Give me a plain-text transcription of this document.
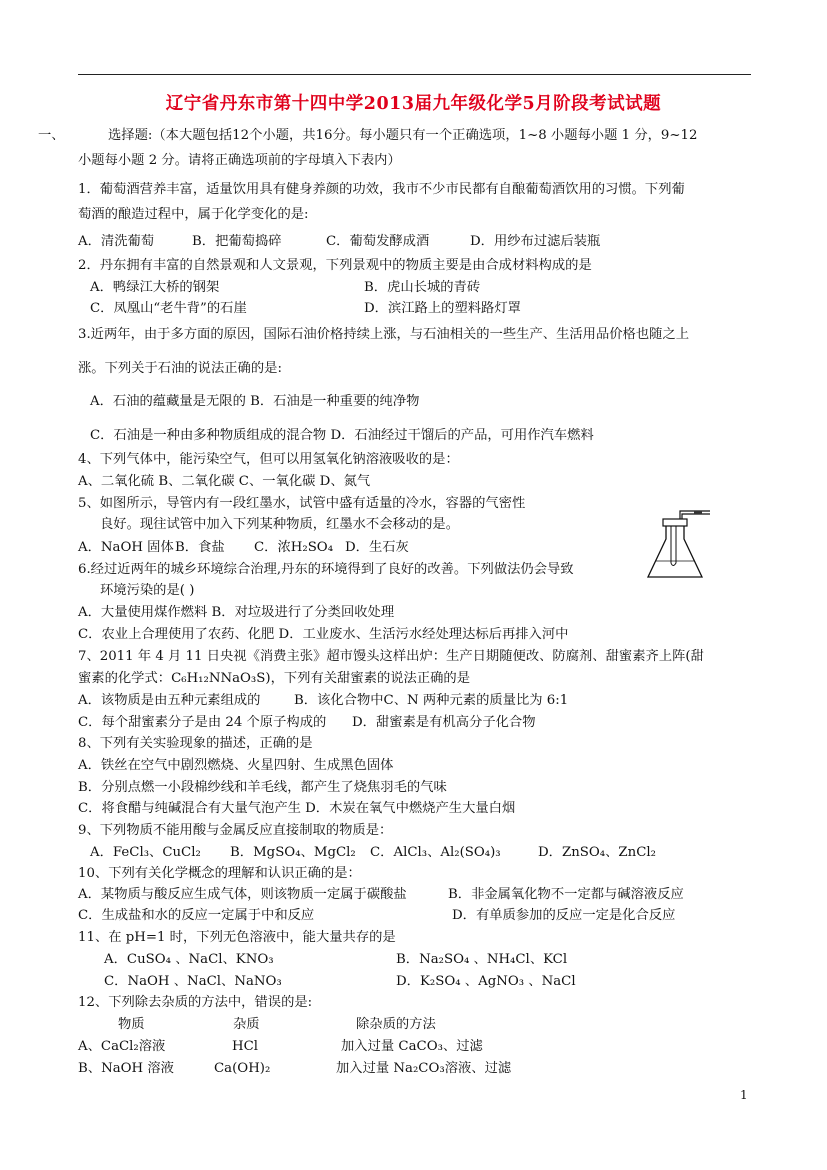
辽宁省丹东市第十四中学2013届九年级化学5月阶段考试试题
一、	选择题:（本大题包括12个小题，共16分。每小题只有一个正确选项，1~8 小题每小题 1 分，9~12
小题每小题 2 分。请将正确选项前的字母填入下表内）
1．葡萄酒营养丰富，适量饮用具有健身养颜的功效，我市不少市民都有自酿葡萄酒饮用的习惯。下列葡
萄酒的酿造过程中，属于化学变化的是:
A．清洗葡萄	B．把葡萄捣碎	C．葡萄发酵成酒	D．用纱布过滤后装瓶
2．丹东拥有丰富的自然景观和人文景观，下列景观中的物质主要是由合成材料构成的是
A．鸭绿江大桥的钢架	B．虎山长城的青砖
C．凤凰山“老牛背”的石崖	D．滨江路上的塑料路灯罩
3.近两年，由于多方面的原因，国际石油价格持续上涨，与石油相关的一些生产、生活用品价格也随之上
涨。下列关于石油的说法正确的是:
A．石油的蕴藏量是无限的 B．石油是一种重要的纯净物
C．石油是一种由多种物质组成的混合物 D．石油经过干馏后的产品，可用作汽车燃料
4、下列气体中，能污染空气，但可以用氢氧化钠溶液吸收的是：
A、二氧化硫 B、二氧化碳 C、一氧化碳 D、氮气
5、如图所示，导管内有一段红墨水，试管中盛有适量的冷水，容器的气密性
良好。现往试管中加入下列某种物质，红墨水不会移动的是。
A．NaOH 固体 B．食盐 C．浓H₂SO₄ D．生石灰
6.经过近两年的城乡环境综合治理,丹东的环境得到了良好的改善。下列做法仍会导致
环境污染的是( )
A．大量使用煤作燃料 B．对垃圾进行了分类回收处理
C．农业上合理使用了农药、化肥 D．工业废水、生活污水经处理达标后再排入河中
7、2011 年 4 月 11 日央视《消费主张》超市馒头这样出炉：生产日期随便改、防腐剂、甜蜜素齐上阵(甜
蜜素的化学式：C₆H₁₂NNaO₃S)，下列有关甜蜜素的说法正确的是
A．该物质是由五种元素组成的	B．该化合物中C、N 两种元素的质量比为 6:1
C．每个甜蜜素分子是由 24 个原子构成的 D．甜蜜素是有机高分子化合物
8、下列有关实验现象的描述，正确的是
A．铁丝在空气中剧烈燃烧、火星四射、生成黑色固体
B．分别点燃一小段棉纱线和羊毛线，都产生了烧焦羽毛的气味
C．将食醋与纯碱混合有大量气泡产生 D．木炭在氧气中燃烧产生大量白烟
9、下列物质不能用酸与金属反应直接制取的物质是：
A．FeCl₃、CuCl₂ B．MgSO₄、MgCl₂ C．AlCl₃、Al₂(SO₄)₃	D．ZnSO₄、ZnCl₂
10、下列有关化学概念的理解和认识正确的是：
A．某物质与酸反应生成气体，则该物质一定属于碳酸盐	B．非金属氧化物不一定都与碱溶液反应
C．生成盐和水的反应一定属于中和反应	D．有单质参加的反应一定是化合反应
11、在 pH=1 时，下列无色溶液中，能大量共存的是
A．CuSO₄ 、NaCl、KNO₃	B．Na₂SO₄ 、NH₄Cl、KCl
C．NaOH 、NaCl、NaNO₃	D．K₂SO₄ 、AgNO₃ 、NaCl
12、下列除去杂质的方法中，错误的是:
物质	杂质	除杂质的方法
A、CaCl₂溶液	HCl	加入过量 CaCO₃、过滤
B、NaOH 溶液	Ca(OH)₂	加入过量 Na₂CO₃溶液、过滤
1
